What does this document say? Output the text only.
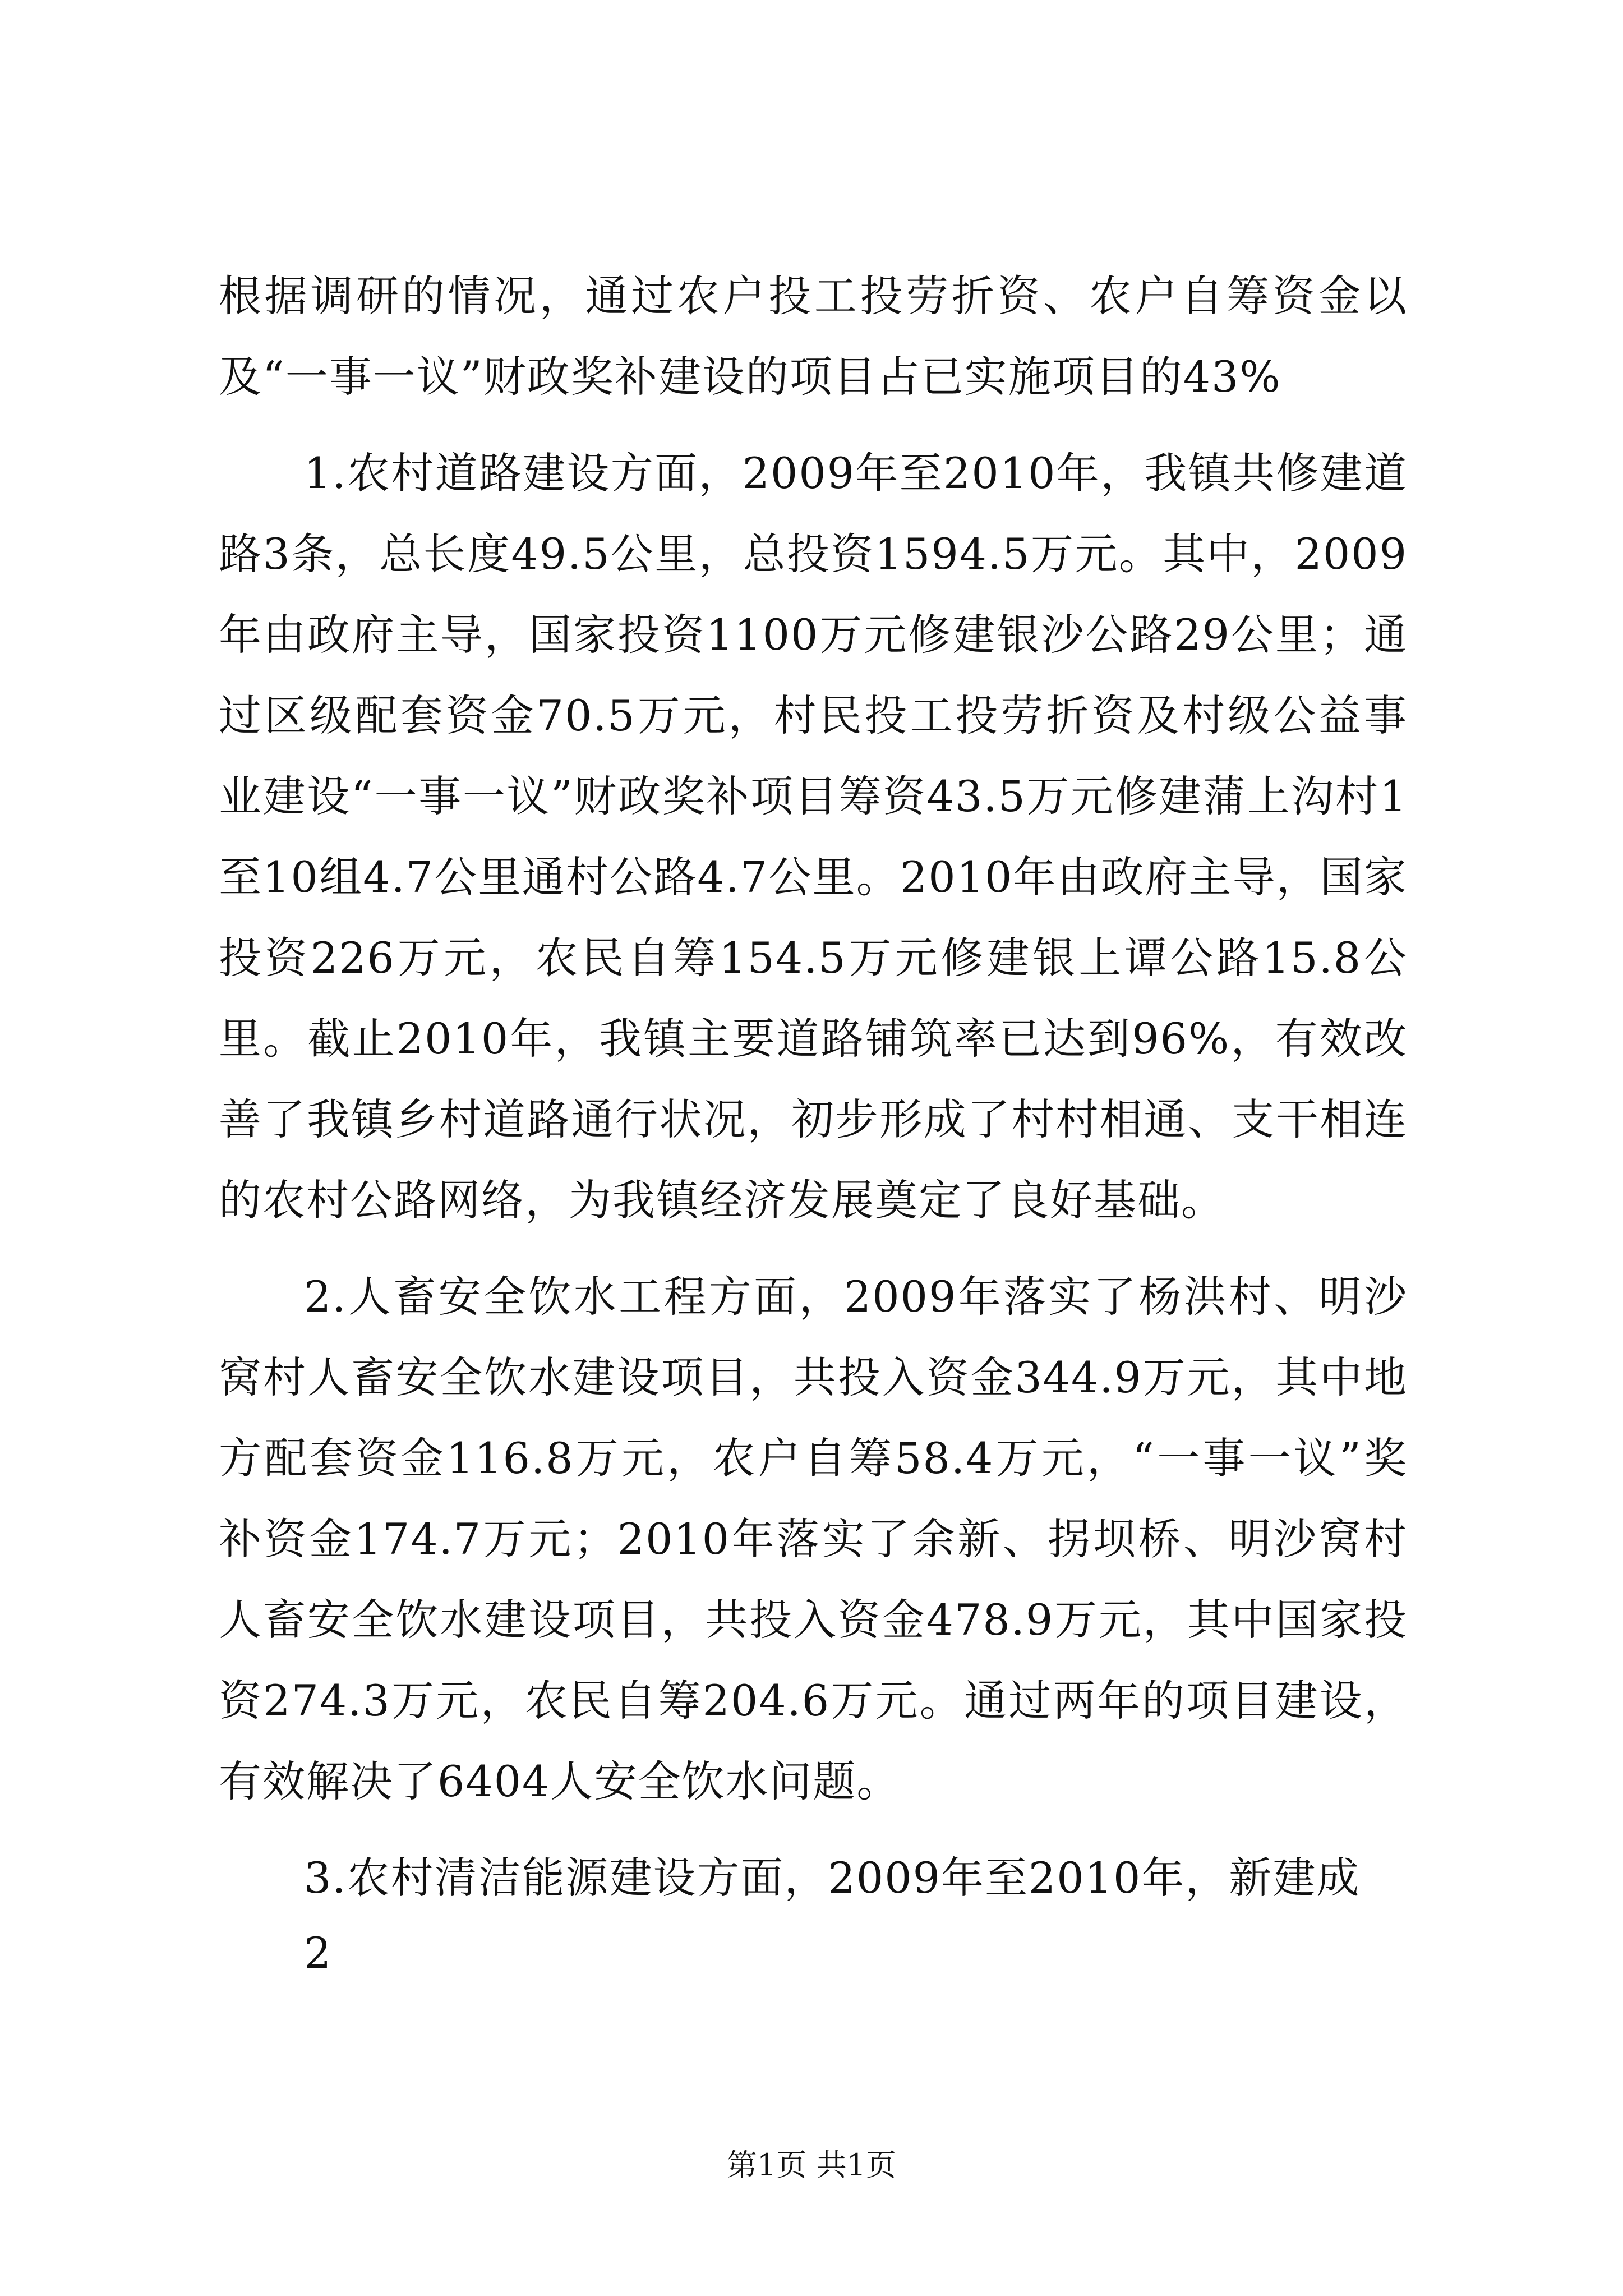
根据调研的情况，通过农户投工投劳折资、农户自筹资金以及“一事一议”财政奖补建设的项目占已实施项目的43%

1.农村道路建设方面，2009年至2010年，我镇共修建道路3条，总长度49.5公里，总投资1594.5万元。其中，2009年由政府主导，国家投资1100万元修建银沙公路29公里；通过区级配套资金70.5万元，村民投工投劳折资及村级公益事业建设“一事一议”财政奖补项目筹资43.5万元修建蒲上沟村1至10组4.7公里通村公路4.7公里。2010年由政府主导，国家投资226万元，农民自筹154.5万元修建银上谭公路15.8公里。截止2010年，我镇主要道路铺筑率已达到96%，有效改善了我镇乡村道路通行状况，初步形成了村村相通、支干相连的农村公路网络，为我镇经济发展奠定了良好基础。

2.人畜安全饮水工程方面，2009年落实了杨洪村、明沙窝村人畜安全饮水建设项目，共投入资金344.9万元，其中地方配套资金116.8万元，农户自筹58.4万元，“一事一议”奖补资金174.7万元；2010年落实了余新、拐坝桥、明沙窝村人畜安全饮水建设项目，共投入资金478.9万元，其中国家投资274.3万元，农民自筹204.6万元。通过两年的项目建设，有效解决了6404人安全饮水问题。

3.农村清洁能源建设方面，2009年至2010年，新建成

2
第1页 共1页
